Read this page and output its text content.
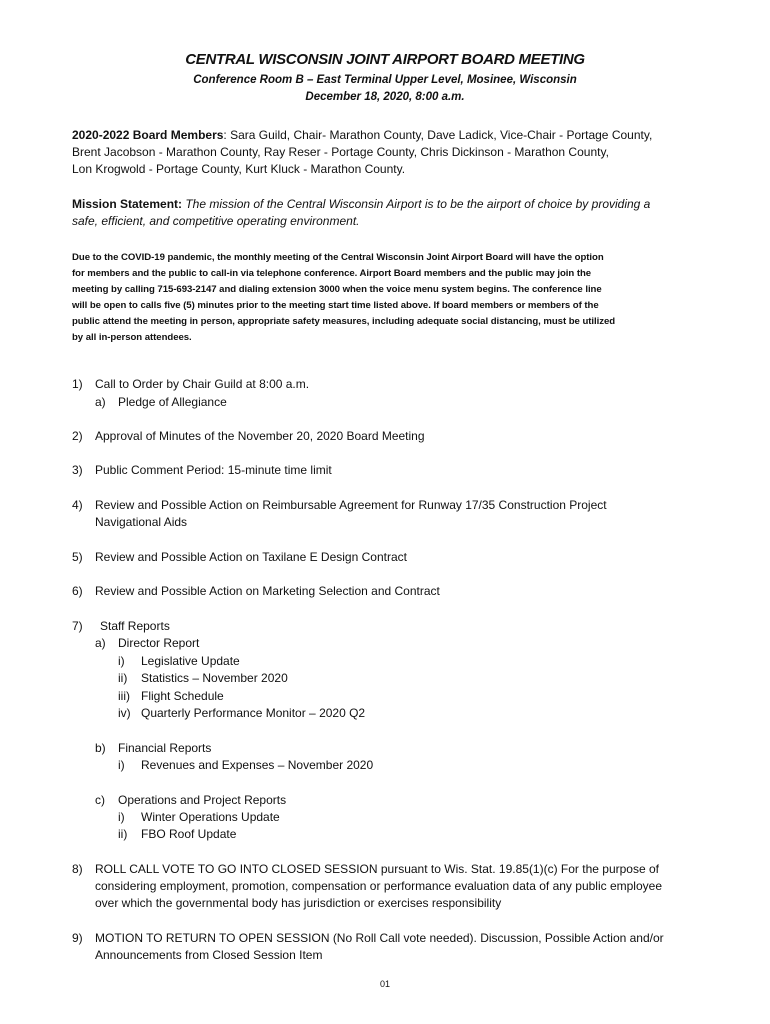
CENTRAL WISCONSIN JOINT AIRPORT BOARD MEETING
Conference Room B – East Terminal Upper Level, Mosinee, Wisconsin
December 18, 2020, 8:00 a.m.
2020-2022 Board Members: Sara Guild, Chair- Marathon County, Dave Ladick, Vice-Chair - Portage County,
Brent Jacobson - Marathon County, Ray Reser - Portage County, Chris Dickinson - Marathon County,
Lon Krogwold - Portage County, Kurt Kluck - Marathon County.
Mission Statement: The mission of the Central Wisconsin Airport is to be the airport of choice by providing a
safe, efficient, and competitive operating environment.
Due to the COVID-19 pandemic, the monthly meeting of the Central Wisconsin Joint Airport Board will have the option
for members and the public to call-in via telephone conference. Airport Board members and the public may join the
meeting by calling 715-693-2147 and dialing extension 3000 when the voice menu system begins. The conference line
will be open to calls five (5) minutes prior to the meeting start time listed above. If board members or members of the
public attend the meeting in person, appropriate safety measures, including adequate social distancing, must be utilized
by all in-person attendees.
1) Call to Order by Chair Guild at 8:00 a.m.
a) Pledge of Allegiance
2) Approval of Minutes of the November 20, 2020 Board Meeting
3) Public Comment Period: 15-minute time limit
4) Review and Possible Action on Reimbursable Agreement for Runway 17/35 Construction Project
Navigational Aids
5) Review and Possible Action on Taxilane E Design Contract
6) Review and Possible Action on Marketing Selection and Contract
7) Staff Reports
a) Director Report
i) Legislative Update
ii) Statistics – November 2020
iii) Flight Schedule
iv) Quarterly Performance Monitor – 2020 Q2
b) Financial Reports
i) Revenues and Expenses – November 2020
c) Operations and Project Reports
i) Winter Operations Update
ii) FBO Roof Update
8) ROLL CALL VOTE TO GO INTO CLOSED SESSION pursuant to Wis. Stat. 19.85(1)(c) For the purpose of
considering employment, promotion, compensation or performance evaluation data of any public employee
over which the governmental body has jurisdiction or exercises responsibility
9) MOTION TO RETURN TO OPEN SESSION (No Roll Call vote needed). Discussion, Possible Action and/or
Announcements from Closed Session Item
01
